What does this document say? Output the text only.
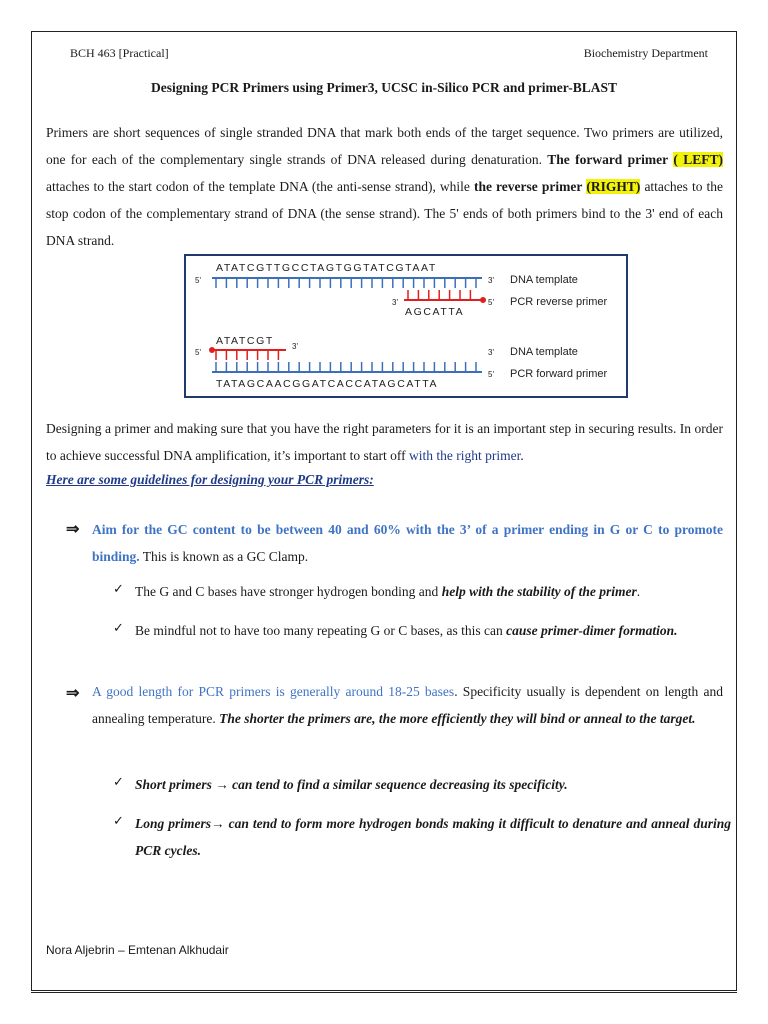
BCH 463 [Practical]	Biochemistry Department
Designing PCR Primers using Primer3, UCSC in-Silico PCR and primer-BLAST
Primers are short sequences of single stranded DNA that mark both ends of the target sequence. Two primers are utilized, one for each of the complementary single strands of DNA released during denaturation. The forward primer ( LEFT) attaches to the start codon of the template DNA (the anti-sense strand), while the reverse primer (RIGHT) attaches to the stop codon of the complementary strand of DNA (the sense strand). The 5' ends of both primers bind to the 3' end of each DNA strand.
ATATCGTTGCCTAGTGGTATCGTAAT
5'	3' DNA template
3'	5' PCR reverse primer
AGCATTA
ATATCGT
5'
3'
3' DNA template
5' PCR forward primer
TATAGCAACGGATCACCATAGCATTA
Designing a primer and making sure that you have the right parameters for it is an important step in securing results. In order to achieve successful DNA amplification, it’s important to start off with the right primer.
Here are some guidelines for designing your PCR primers:
⇒ Aim for the GC content to be between 40 and 60% with the 3’ of a primer ending in G or C to promote binding. This is known as a GC Clamp.
✓ The G and C bases have stronger hydrogen bonding and help with the stability of the primer.
✓ Be mindful not to have too many repeating G or C bases, as this can cause primer-dimer formation.
⇒ A good length for PCR primers is generally around 18-25 bases. Specificity usually is dependent on length and annealing temperature. The shorter the primers are, the more efficiently they will bind or anneal to the target.
✓ Short primers → can tend to find a similar sequence decreasing its specificity.
✓ Long primers→ can tend to form more hydrogen bonds making it difficult to denature and anneal during PCR cycles.
Nora Aljebrin – Emtenan Alkhudair
